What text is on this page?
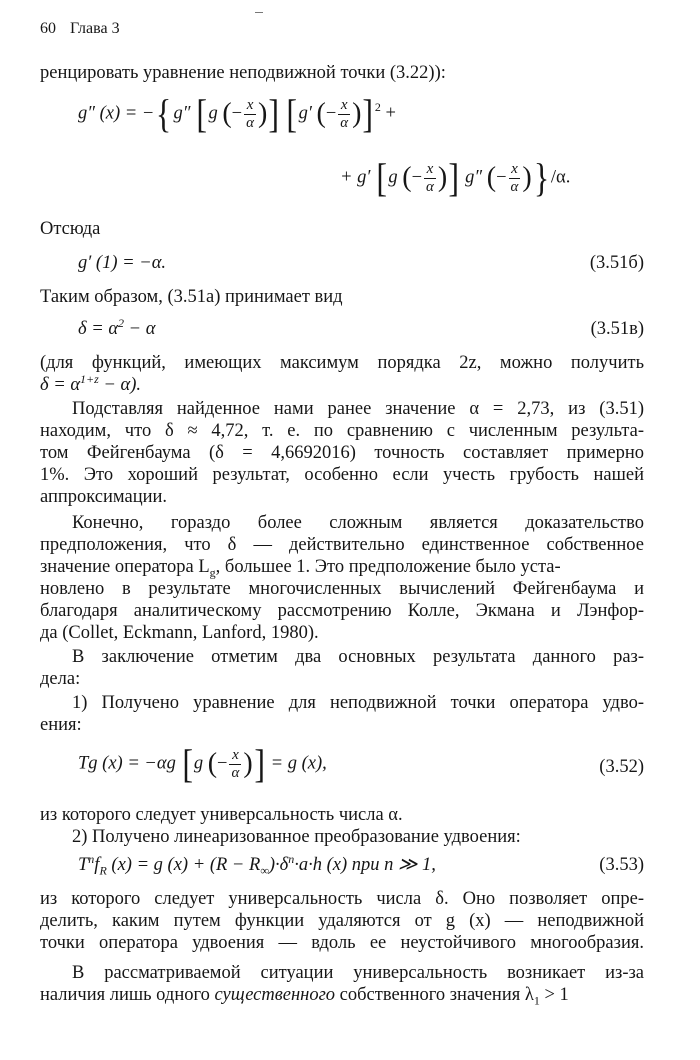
60 Глава 3
ренцировать уравнение неподвижной точки (3.22)):
g″ (x) = −{ g″ [g (− $\frac{x}{\alpha}$ )] [g′ (− $\frac{x}{\alpha} )]^2$ +
+ g′ [g (− $\frac{x}{\alpha}$ )] g″ (− $\frac{x}{\alpha}$ )} /α.
Отсюда
g′ (1) = −α.	(3.51б)
Таким образом, (3.51а) принимает вид
$\delta = \alpha^2 - \alpha$	(3.51в)
(для функций, имеющих максимум порядка 2z, можно получить
$\delta = \alpha^{1+z} - \alpha$).
Подставляя найденное нами ранее значение α = 2,73, из (3.51)
находим, что δ ≈ 4,72, т. е. по сравнению с численным результа-
том Фейгенбаума (δ = 4,6692016) точность составляет примерно
1%. Это хороший результат, особенно если учесть грубость нашей
аппроксимации.
Конечно, гораздо более сложным является доказательство
предположения, что δ — действительно единственное собственное
значение оператора $L_g$, большее 1. Это предположение было уста-
новлено в результате многочисленных вычислений Фейгенбаума и
благодаря аналитическому рассмотрению Колле, Экмана и Лэнфор-
да (Collet, Eckmann, Lanford, 1980).
В заключение отметим два основных результата данного раз-
дела:
1) Получено уравнение для неподвижной точки оператора удво-
ения:
Tg (x) = −αg [g (− $\frac{x}{\alpha}$ )] = g (x),	(3.52)
из которого следует универсальность числа α.
2) Получено линеаризованное преобразование удвоения:
$T^nf_R$ (x) = g $(x) + (R - R_\infty)\cdot\delta^n\cdot a\cdot h$ (x) при n ≫ 1,	(3.53)
из которого следует универсальность числа δ. Оно позволяет опре-
делить, каким путем функции удаляются от g (x) — неподвижной
точки оператора удвоения — вдоль ее неустойчивого многообразия.
В рассматриваемой ситуации универсальность возникает из-за
наличия лишь одного существенного собственного значения $\lambda_1 > 1$
